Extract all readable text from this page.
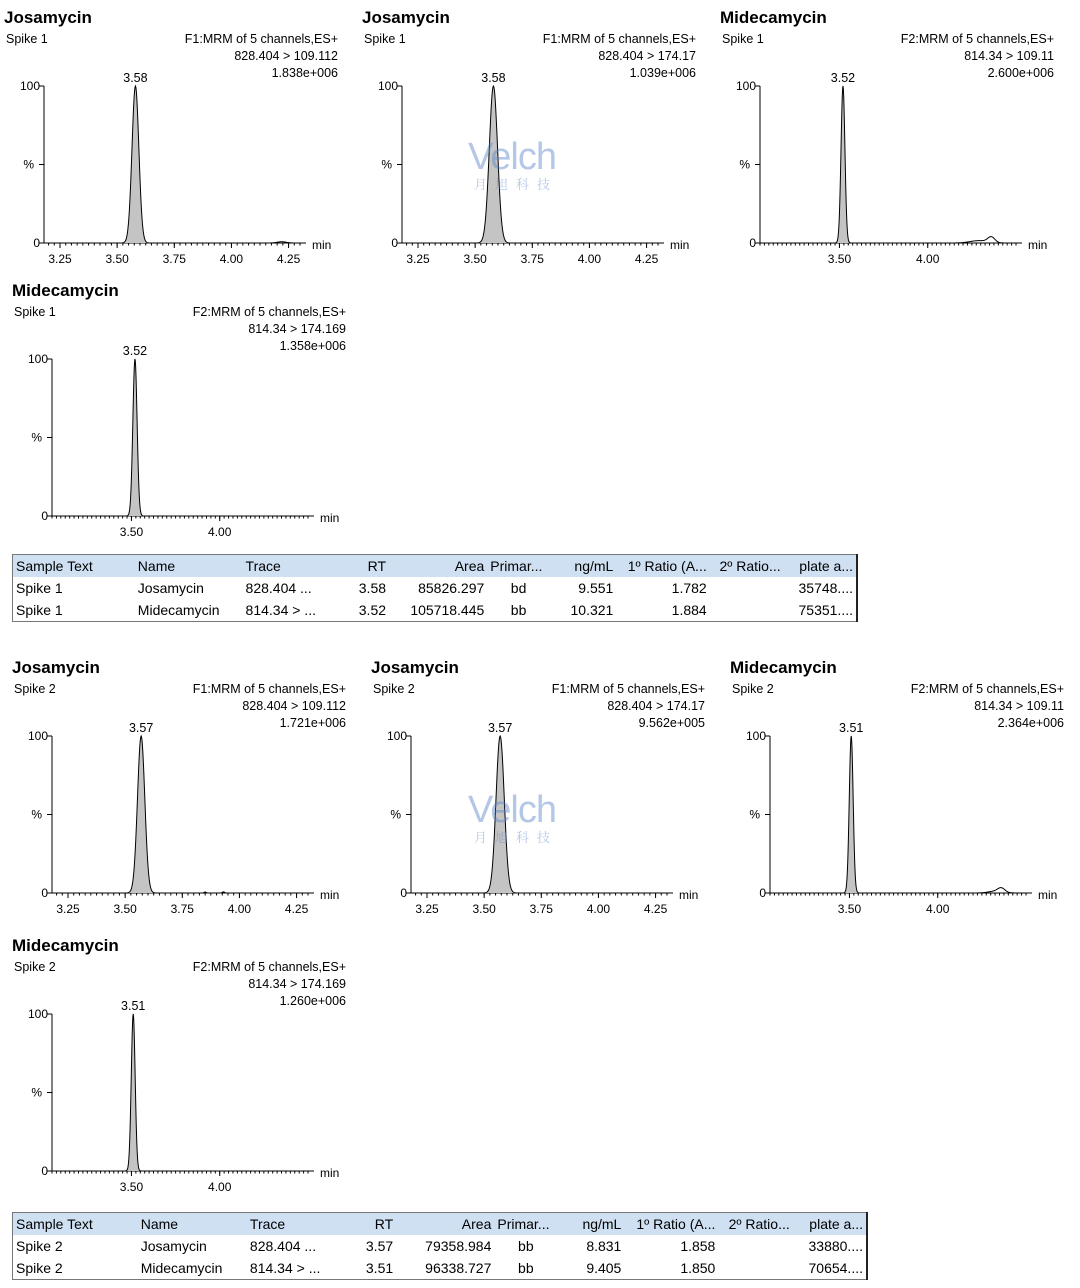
Josamycin
Spike 1	F1:MRM of 5 channels,ES+
828.404 > 109.112
1.838e+006
100
%
0
3.25	3.50	3.75	4.00	4.25
min
3.58
Josamycin
Spike 1	F1:MRM of 5 channels,ES+
828.404 > 174.17
1.039e+006
100
%
0
3.25	3.50	3.75	4.00	4.25
min
3.58
Midecamycin
Spike 1	F2:MRM of 5 channels,ES+
814.34 > 109.11
2.600e+006
100
%
0
3.50	4.00
min
3.52
Midecamycin
Spike 1	F2:MRM of 5 channels,ES+
814.34 > 174.169
1.358e+006
100
%
0
3.50	4.00
min
3.52
Sample Text	Name	Trace	RT	Area	Primar...	ng/mL	1º Ratio (A...	2º Ratio...	plate a...
Spike 1	Josamycin	828.404 ...	3.58	85826.297	bd	9.551	1.782		35748....
Spike 1	Midecamycin	814.34 > ...	3.52	105718.445	bb	10.321	1.884		75351....
Josamycin
Spike 2	F1:MRM of 5 channels,ES+
828.404 > 109.112
1.721e+006
100
%
0
3.25	3.50	3.75	4.00	4.25
min
3.57
Josamycin
Spike 2	F1:MRM of 5 channels,ES+
828.404 > 174.17
9.562e+005
100
%
0
3.25	3.50	3.75	4.00	4.25
min
3.57
Midecamycin
Spike 2	F2:MRM of 5 channels,ES+
814.34 > 109.11
2.364e+006
100
%
0
3.50	4.00
min
3.51
Midecamycin
Spike 2	F2:MRM of 5 channels,ES+
814.34 > 174.169
1.260e+006
100
%
0
3.50	4.00
min
3.51
Sample Text	Name	Trace	RT	Area	Primar...	ng/mL	1º Ratio (A...	2º Ratio...	plate a...
Spike 2	Josamycin	828.404 ...	3.57	79358.984	bb	8.831	1.858		33880....
Spike 2	Midecamycin	814.34 > ...	3.51	96338.727	bb	9.405	1.850		70654....
Velch
月旭科技
Velch
月旭科技
